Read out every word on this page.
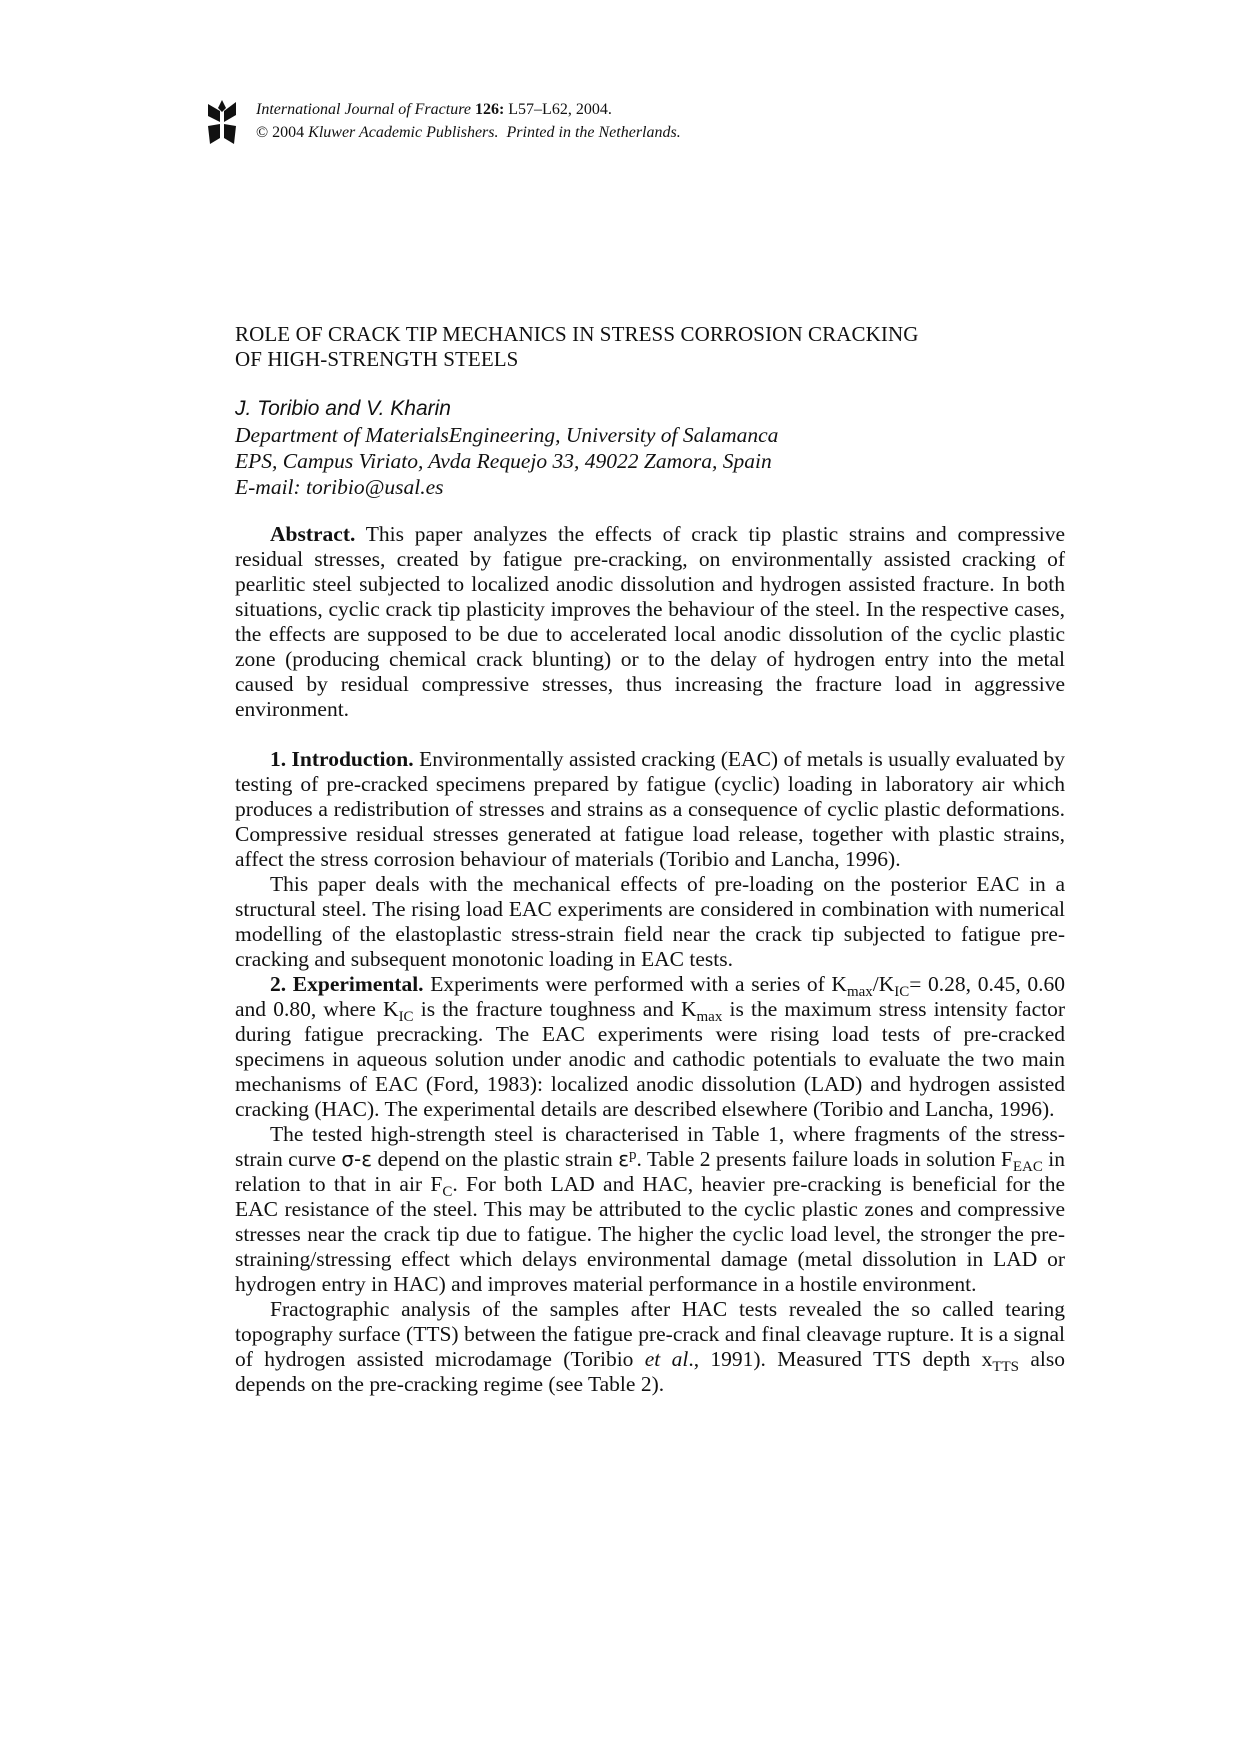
International Journal of Fracture 126: L57–L62, 2004.
© 2004 Kluwer Academic Publishers. Printed in the Netherlands.
ROLE OF CRACK TIP MECHANICS IN STRESS CORROSION CRACKING
OF HIGH-STRENGTH STEELS

J. Toribio and V. Kharin

Department of MaterialsEngineering, University of Salamanca

EPS, Campus Viriato, Avda Requejo 33, 49022 Zamora, Spain

E-mail: toribio@usal.es

Abstract. This paper analyzes the effects of crack tip plastic strains and compressive residual stresses, created by fatigue pre-cracking, on environmentally assisted cracking of pearlitic steel subjected to localized anodic dissolution and hydrogen assisted fracture. In both situations, cyclic crack tip plasticity improves the behaviour of the steel. In the respective cases, the effects are supposed to be due to accelerated local anodic dissolution of the cyclic plastic zone (producing chemical crack blunting) or to the delay of hydrogen entry into the metal caused by residual compressive stresses, thus increasing the fracture load in aggressive environment.

1. Introduction. Environmentally assisted cracking (EAC) of metals is usually evaluated by testing of pre-cracked specimens prepared by fatigue (cyclic) loading in laboratory air which produces a redistribution of stresses and strains as a consequence of cyclic plastic deformations. Compressive residual stresses generated at fatigue load release, together with plastic strains, affect the stress corrosion behaviour of materials (Toribio and Lancha, 1996).

This paper deals with the mechanical effects of pre-loading on the posterior EAC in a structural steel. The rising load EAC experiments are considered in combination with numerical modelling of the elastoplastic stress-strain field near the crack tip subjected to fatigue pre-cracking and subsequent monotonic loading in EAC tests.

2. Experimental. Experiments were performed with a series of $K_{max}/K_{IC}= 0.28$, 0.45, 0.60 and 0.80, where $K_{IC}$ is the fracture toughness and $K_{max}$ is the maximum stress intensity factor during fatigue precracking. The EAC experiments were rising load tests of pre-cracked specimens in aqueous solution under anodic and cathodic potentials to evaluate the two main mechanisms of EAC (Ford, 1983): localized anodic dissolution (LAD) and hydrogen assisted cracking (HAC). The experimental details are described elsewhere (Toribio and Lancha, 1996).

The tested high-strength steel is characterised in Table 1, where fragments of the stress-strain curve σ-ε depend on the plastic strain $\varepsilon^p$. Table 2 presents failure loads in solution $F_{EAC}$ in relation to that in air $F_C$. For both LAD and HAC, heavier pre-cracking is beneficial for the EAC resistance of the steel. This may be attributed to the cyclic plastic zones and compressive stresses near the crack tip due to fatigue. The higher the cyclic load level, the stronger the pre-straining/stressing effect which delays environmental damage (metal dissolution in LAD or hydrogen entry in HAC) and improves material performance in a hostile environment.

Fractographic analysis of the samples after HAC tests revealed the so called tearing topography surface (TTS) between the fatigue pre-crack and final cleavage rupture. It is a signal of hydrogen assisted microdamage (Toribio et al., 1991). Measured TTS depth $x_{TTS}$ also depends on the pre-cracking regime (see Table 2).
